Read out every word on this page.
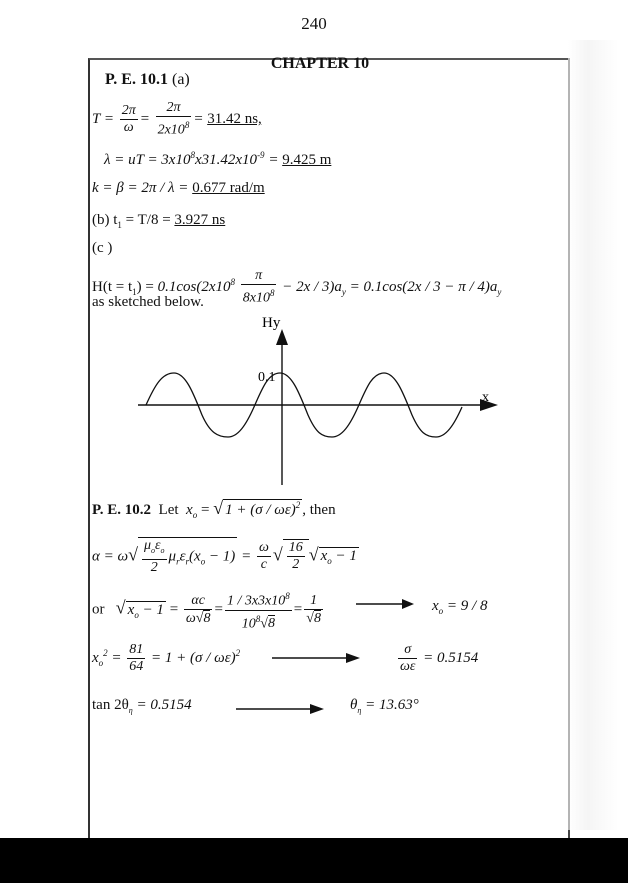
240
CHAPTER 10
P. E. 10.1 (a)
$T = \frac{2\pi}{\omega} = \frac{2\pi}{2x10^8} = 31.42$ ns,
λ = uT = $3x10^8x31.42x10^{-9} = 9.425$ m
k = β = 2π / λ = 0.677 rad/m
(b) $t_1 = T/8 = 3.927$ ns
(c )
$H(t = t_1) = 0.1\cos(2x10^8 \frac{\pi}{8x10^8} - 2x / 3)a_y = 0.1\cos(2x / 3 - \pi / 4)a_y$
as sketched below.
Hy
x
0.1
P. E. 10.2 Let $x_o$ = √ 1 + (σ / ωε)$^2$ , then
$\alpha = \omega√ \frac{\mu_o\varepsilon_o}{2} \mu_r\varepsilon_r(x_o - 1) = \frac{\omega}{c}$ √ $\frac{16}{2}$ √ $x_o - 1$
or √ $x_o - 1 = \frac{\alpha c}{\omega√8} = \frac{1 / 3x3x10^8}{10^8√8} = \frac{1}{√8}$	$x_o = 9 / 8$
$x_o^2 = \frac{81}{64} = 1 + (\sigma / \omega\varepsilon)^2$	$\frac{\sigma}{\omega\varepsilon} = 0.5154$
$\tan 2\theta_\eta = 0.5154$	$\theta_\eta = 13.63^\circ$
